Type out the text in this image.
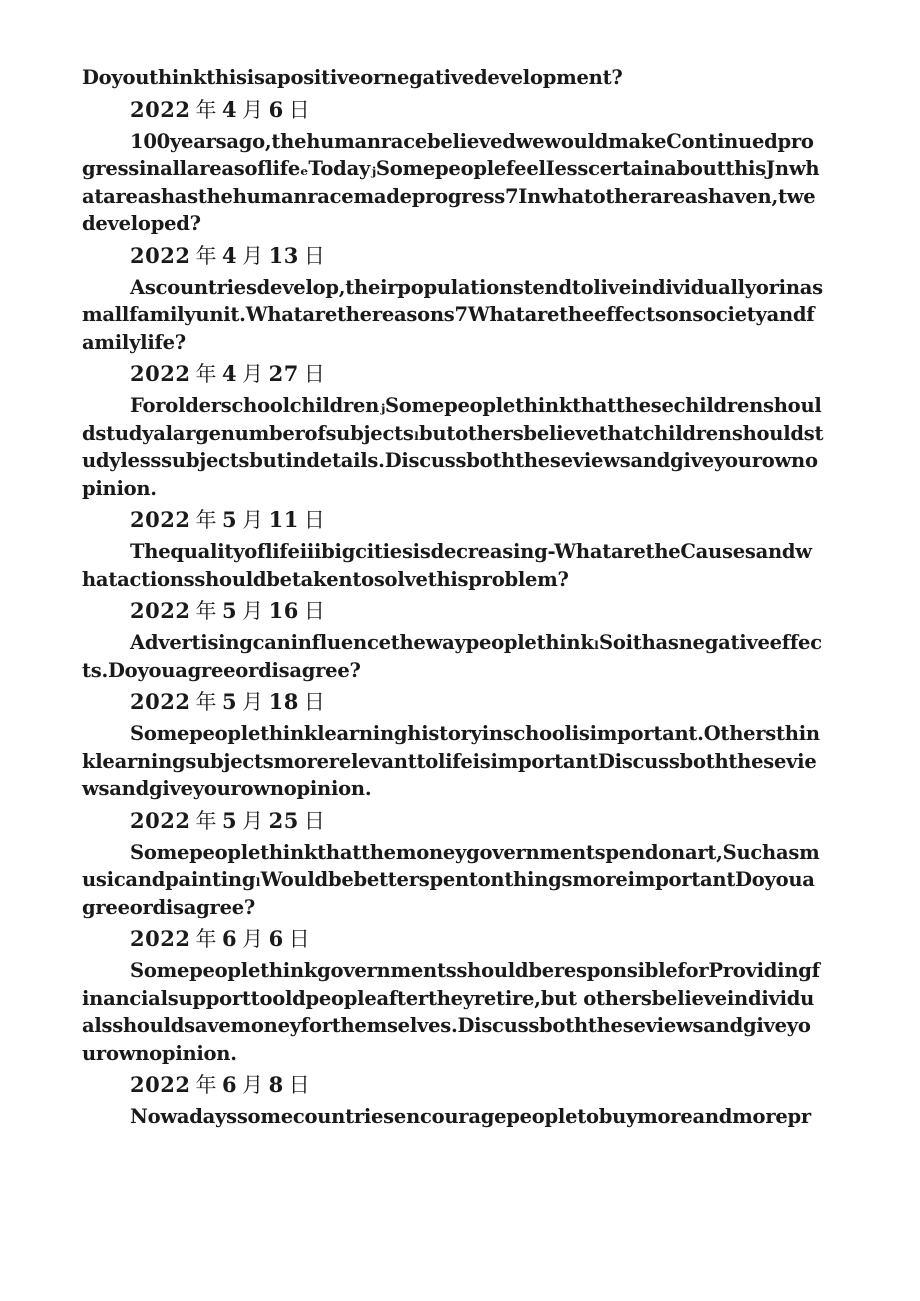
Doyouthinkthisisapositiveornegativedevelopment?

2022 年 4 月 6 日

100yearsago,thehumanracebelievedwewouldmakeContinuedprogressinallareasoflifeₑTodayⱼSomepeoplefeelIesscertainaboutthisJnwhatareashasthehumanracemadeprogress7Inwhatotherareashaven,twedeveloped?

2022 年 4 月 13 日

Ascountriesdevelop,theirpopulationstendtoliveindividuallyorinasmallfamilyunit.Whatarethereasons7Whataretheeffectsonsocietyandfamilylife?

2022 年 4 月 27 日

ForolderschoolchildrenⱼSomepeoplethinkthatthesechildrenshouldstudyalargenumberofsubjectsₗbutothersbelievethatchildrenshouldstudylesssubjectsbutindetails.Discussboththeseviewsandgiveyourownopinion.

2022 年 5 月 11 日

Thequalityoflifeiiibigcitiesisdecreasing-WhataretheCausesandwhatactionsshouldbetakentosolvethisproblem?

2022 年 5 月 16 日

AdvertisingcaninfluencethewaypeoplethinkₗSoithasnegativeeffects.Doyouagreeordisagree?

2022 年 5 月 18 日

Somepeoplethinklearninghistoryinschoolisimportant.OthersthinklearningsubjectsmorerelevanttolifeisimportantDiscussboththeseviewsandgiveyourownopinion.

2022 年 5 月 25 日

Somepeoplethinkthatthemoneygovernmentspendonart,SuchasmusicandpaintingₗWouldbebetterspentonthingsmoreimportantDoyouagreeordisagree?

2022 年 6 月 6 日

SomepeoplethinkgovernmentsshouldberesponsibleforProvidingfinancialsupporttooldpeopleaftertheyretire,but othersbelieveindividualsshouldsavemoneyforthemselves.Discussboththeseviewsandgiveyourownopinion.

2022 年 6 月 8 日

Nowadayssomecountriesencouragepeopletobuymoreandmorepr
